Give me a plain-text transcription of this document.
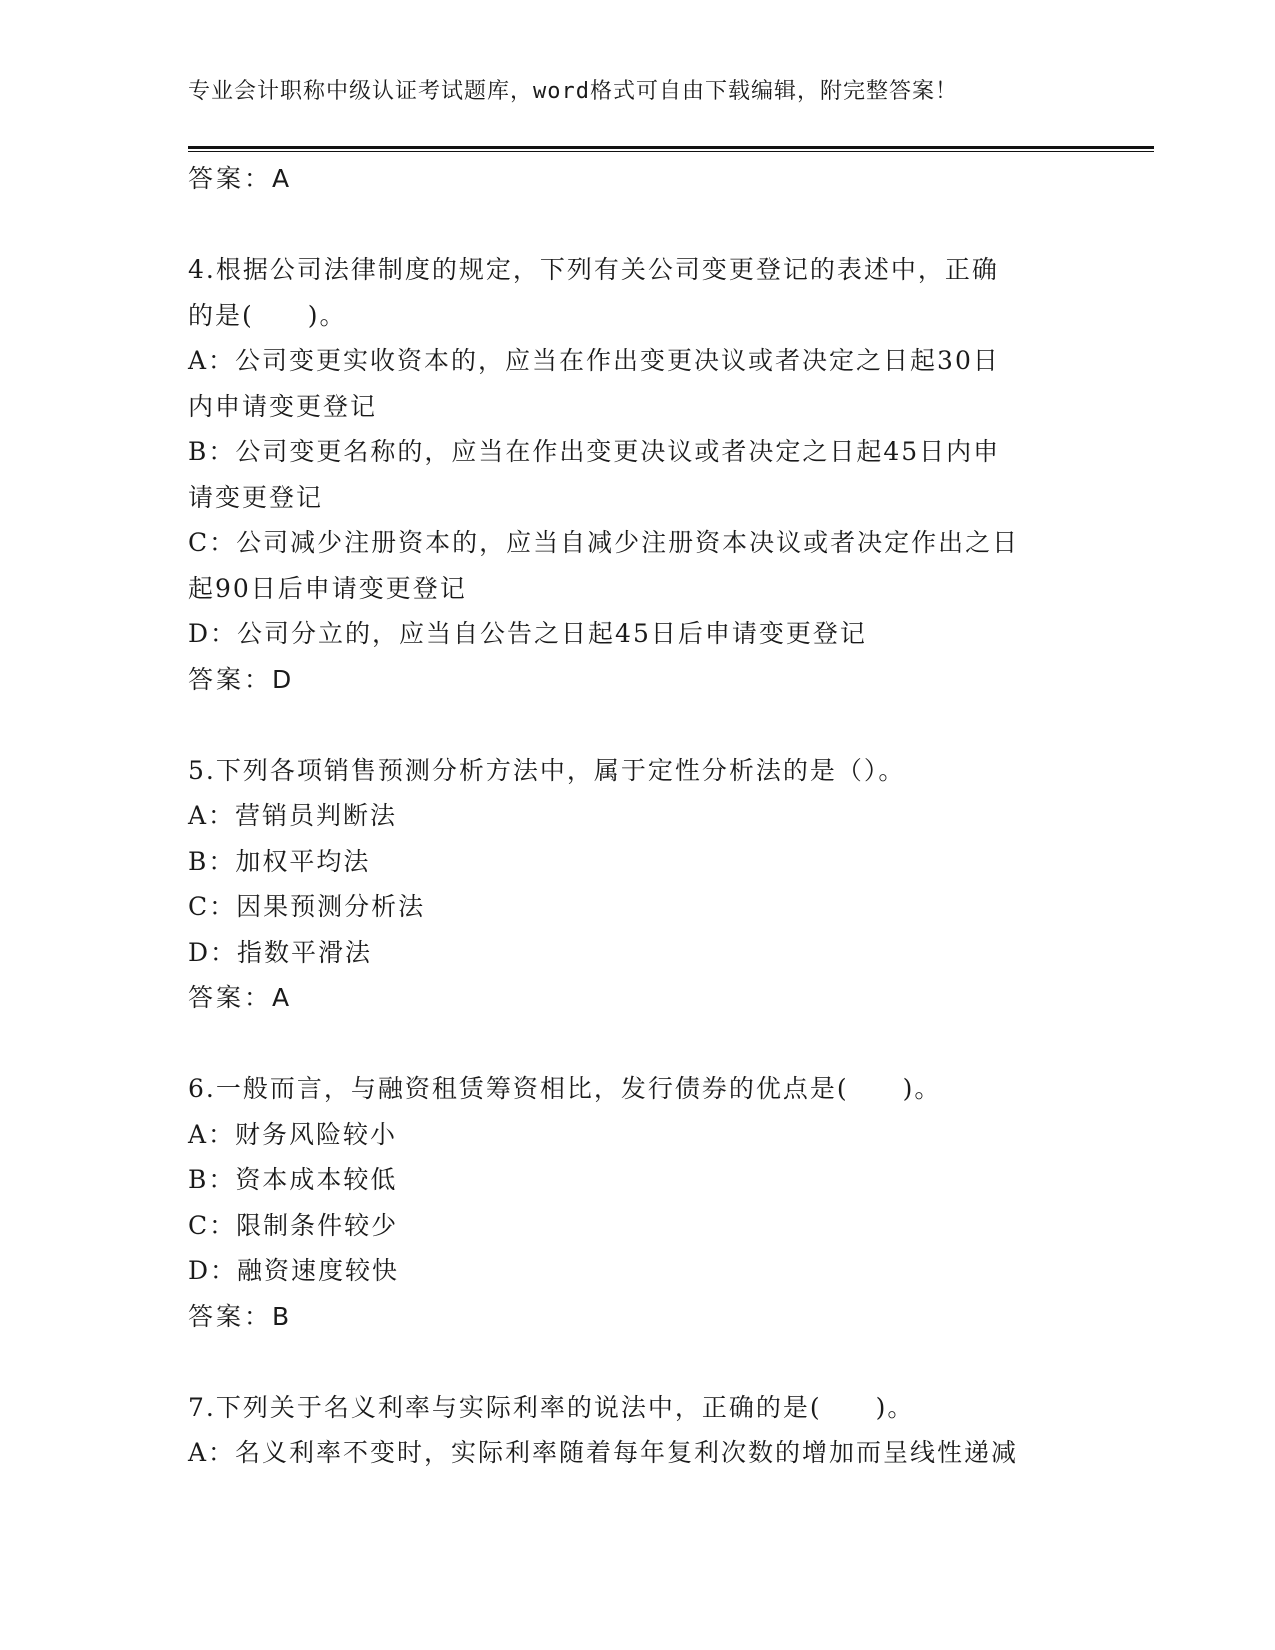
专业会计职称中级认证考试题库，word格式可自由下载编辑，附完整答案！
答案：A
4.根据公司法律制度的规定，下列有关公司变更登记的表述中，正确
的是(　　)。
A：公司变更实收资本的，应当在作出变更决议或者决定之日起30日
内申请变更登记
B：公司变更名称的，应当在作出变更决议或者决定之日起45日内申
请变更登记
C：公司减少注册资本的，应当自减少注册资本决议或者决定作出之日
起90日后申请变更登记
D：公司分立的，应当自公告之日起45日后申请变更登记
答案：D
5.下列各项销售预测分析方法中，属于定性分析法的是（）。
A：营销员判断法
B：加权平均法
C：因果预测分析法
D：指数平滑法
答案：A
6.一般而言，与融资租赁筹资相比，发行债券的优点是(　　)。
A：财务风险较小
B：资本成本较低
C：限制条件较少
D：融资速度较快
答案：B
7.下列关于名义利率与实际利率的说法中，正确的是(　　)。
A：名义利率不变时，实际利率随着每年复利次数的增加而呈线性递减
